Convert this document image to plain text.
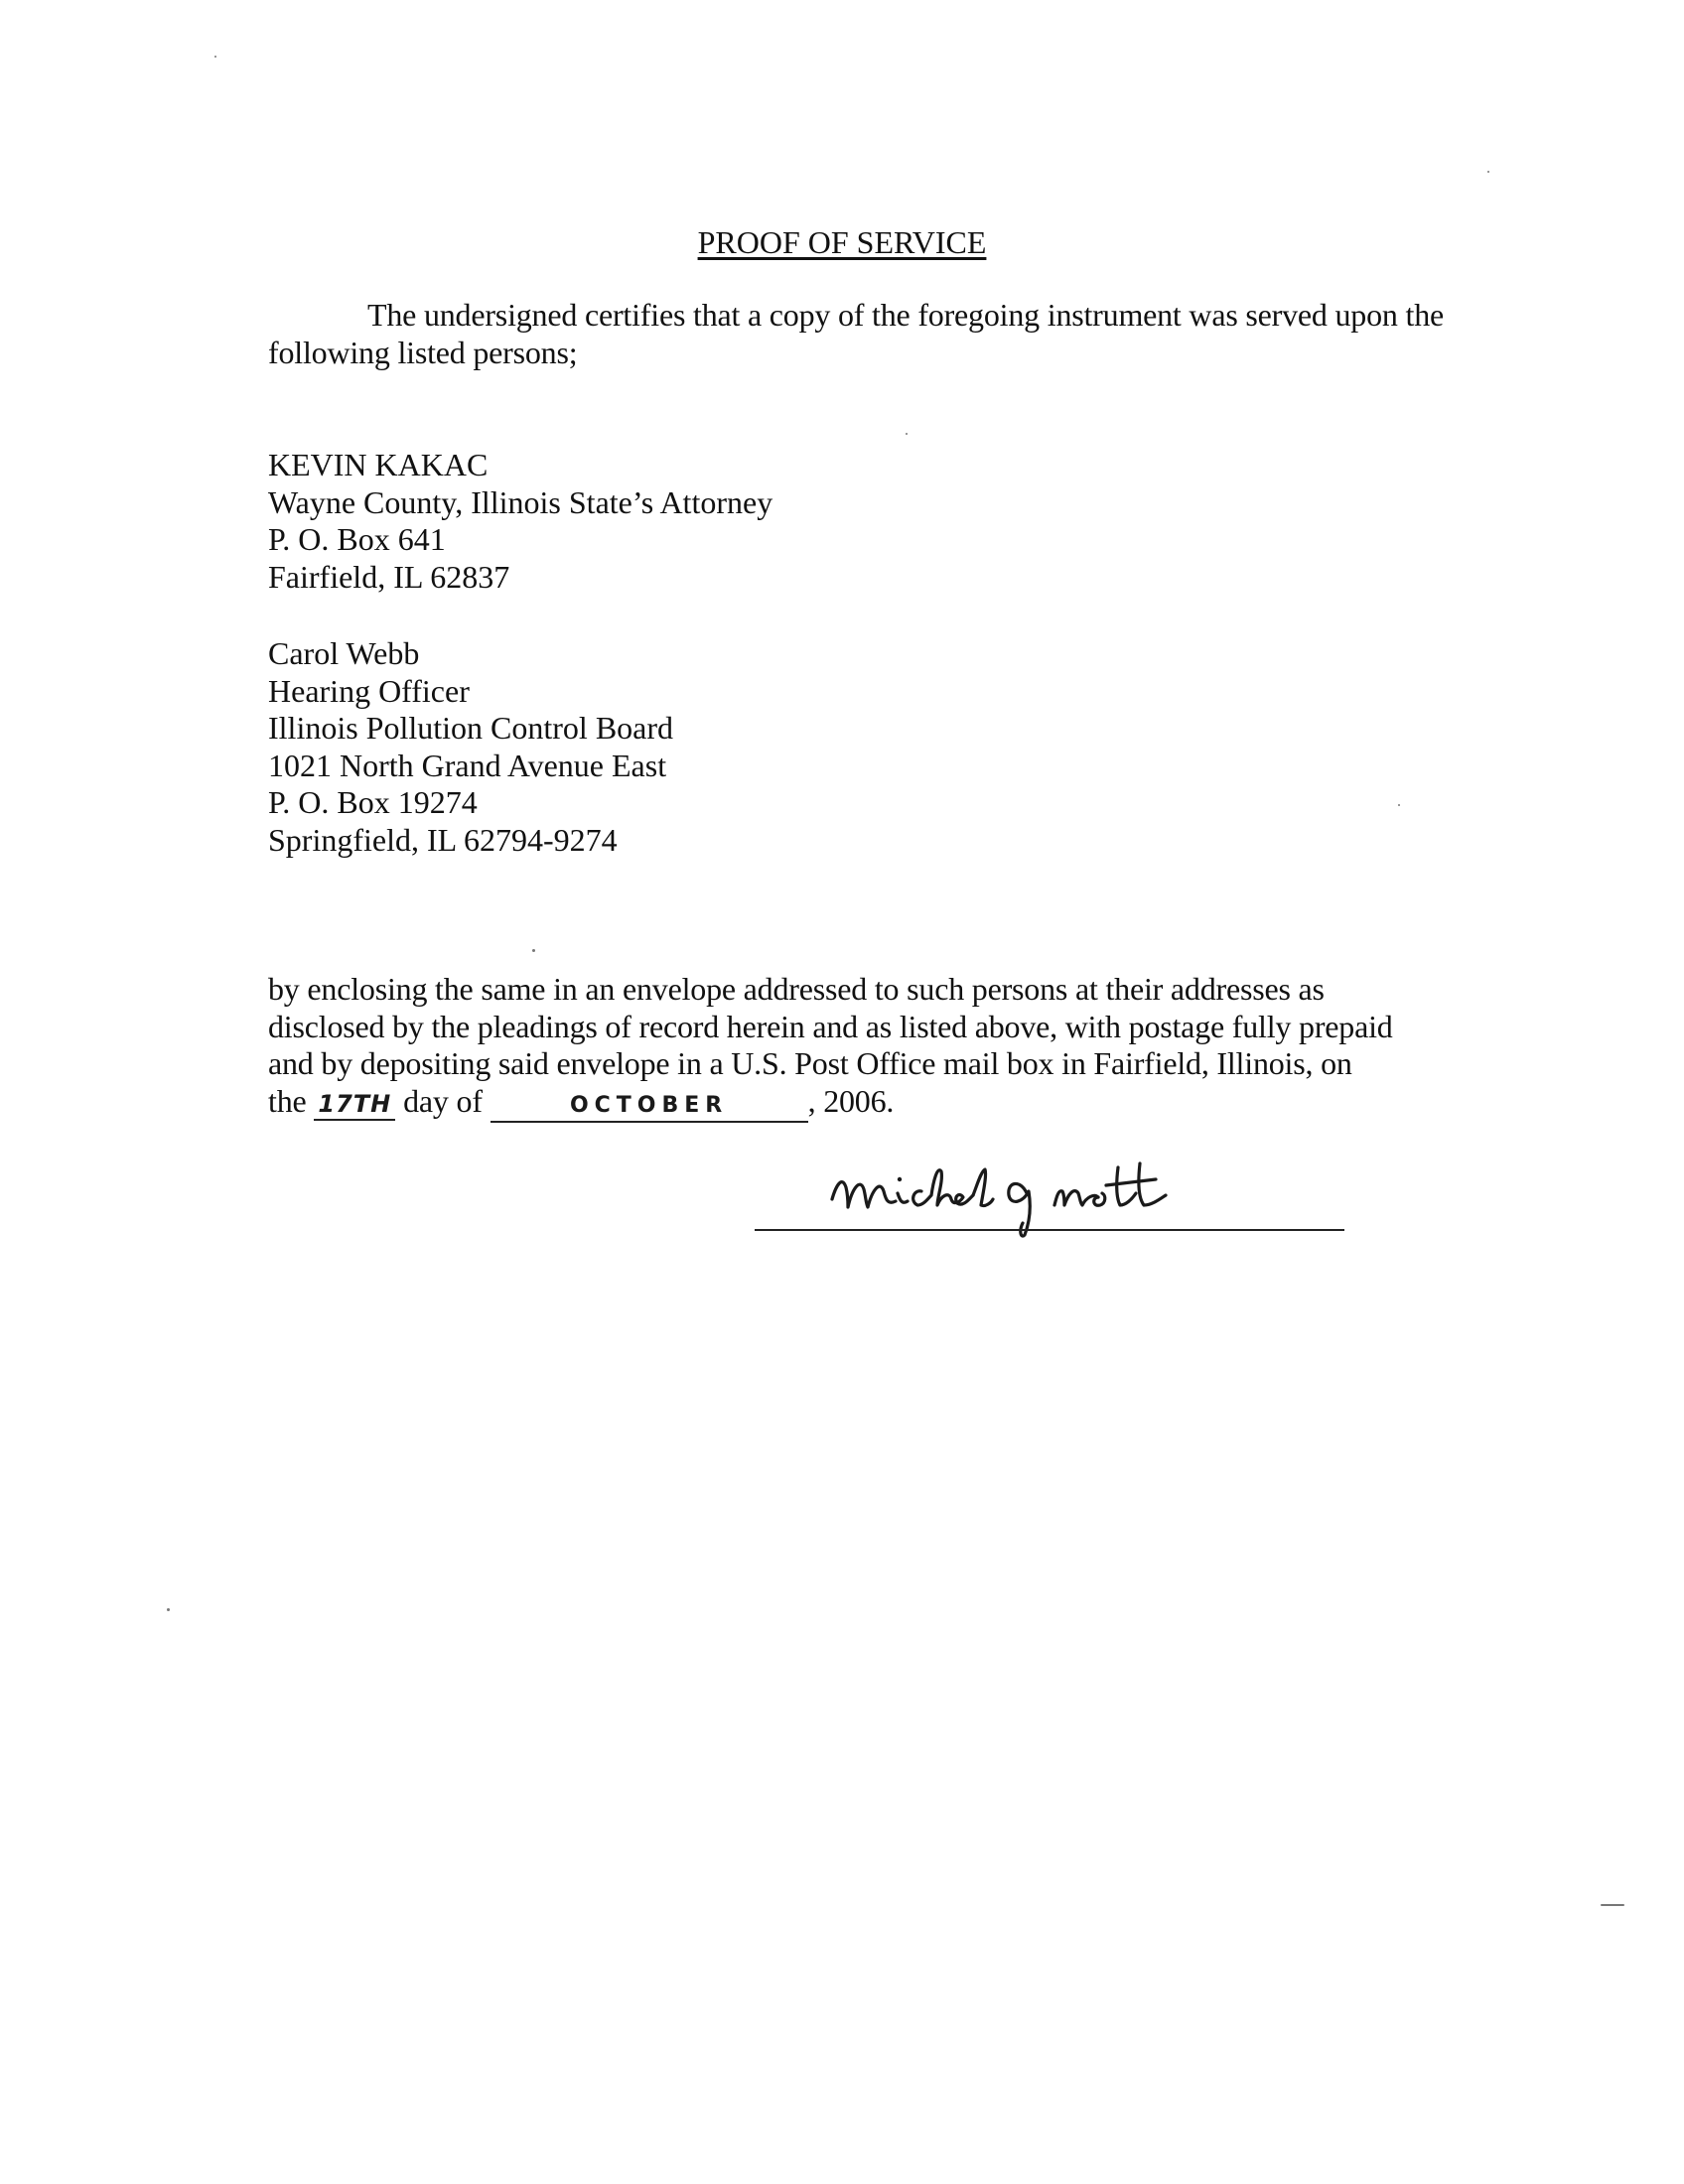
PROOF OF SERVICE
The undersigned certifies that a copy of the foregoing instrument was served upon the following listed persons;
KEVIN KAKAC
Wayne County, Illinois State’s Attorney
P. O. Box 641
Fairfield, IL 62837
Carol Webb
Hearing Officer
Illinois Pollution Control Board
1021 North Grand Avenue East
P. O. Box 19274
Springfield, IL 62794-9274
by enclosing the same in an envelope addressed to such persons at their addresses as
disclosed by the pleadings of record herein and as listed above, with postage fully prepaid
and by depositing said envelope in a U.S. Post Office mail box in Fairfield, Illinois, on
the 17TH day of	OCTOBER	, 2006.
